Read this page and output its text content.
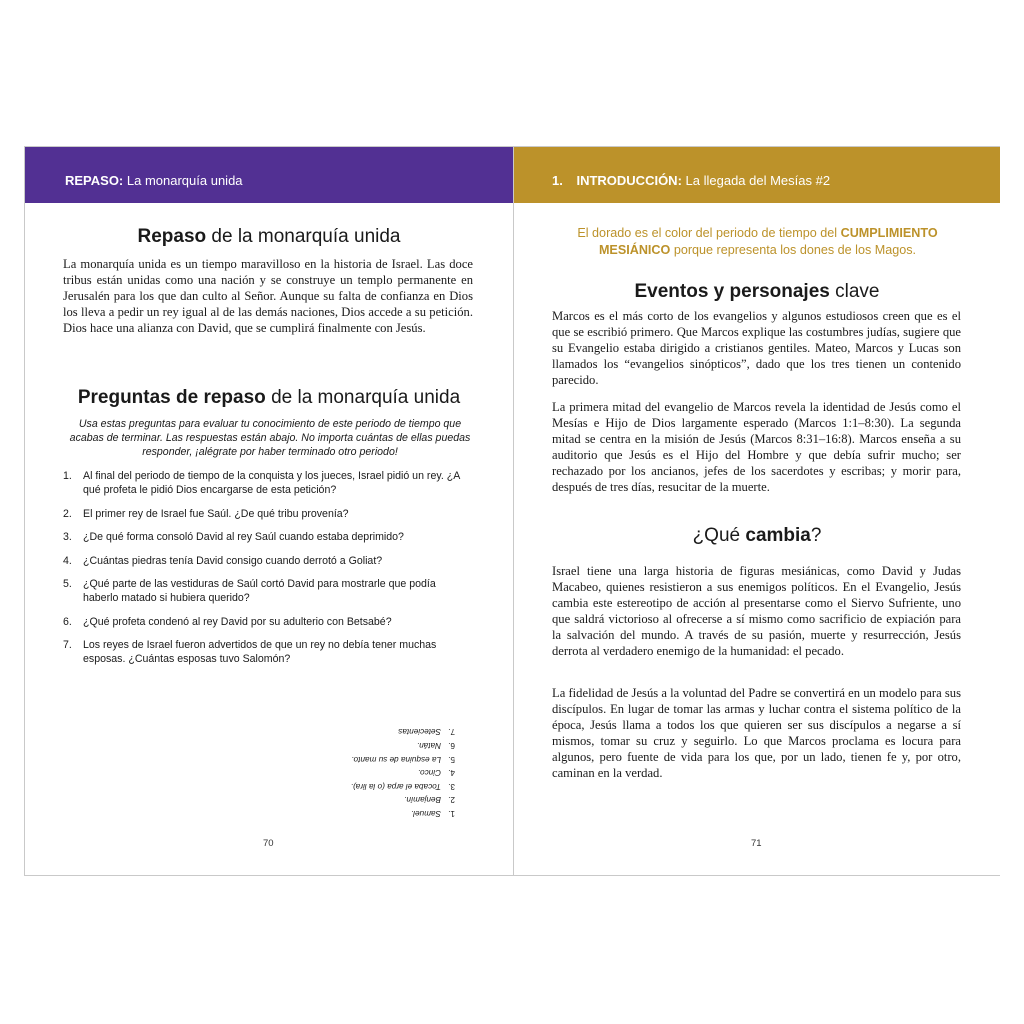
REPASO: La monarquía unida
Repaso de la monarquía unida
La monarquía unida es un tiempo maravilloso en la historia de Israel. Las doce tribus están unidas como una nación y se construye un templo permanente en Jerusalén para los que dan culto al Señor. Aunque su falta de confianza en Dios los lleva a pedir un rey igual al de las demás naciones, Dios accede a su petición. Dios hace una alianza con David, que se cumplirá finalmente con Jesús.
Preguntas de repaso de la monarquía unida
Usa estas preguntas para evaluar tu conocimiento de este periodo de tiempo que acabas de terminar. Las respuestas están abajo. No importa cuántas de ellas puedas responder, ¡alégrate por haber terminado otro periodo!
1.	Al final del periodo de tiempo de la conquista y los jueces, Israel pidió un rey. ¿A qué profeta le pidió Dios encargarse de esta petición?
2.	El primer rey de Israel fue Saúl. ¿De qué tribu provenía?
3.	¿De qué forma consoló David al rey Saúl cuando estaba deprimido?
4.	¿Cuántas piedras tenía David consigo cuando derrotó a Goliat?
5.	¿Qué parte de las vestiduras de Saúl cortó David para mostrarle que podía haberlo matado si hubiera querido?
6.	¿Qué profeta condenó al rey David por su adulterio con Betsabé?
7.	Los reyes de Israel fueron advertidos de que un rey no debía tener muchas esposas. ¿Cuántas esposas tuvo Salomón?
1.
Samuel.
2.
Benjamín.
3.
Tocaba el arpa (o la lira).
4.
Cinco.
5.
La esquina de su manto.
6.
Natán.
7.
Setecientas
70
1. INTRODUCCIÓN: La llegada del Mesías #2
El dorado es el color del periodo de tiempo del CUMPLIMIENTO MESIÁNICO porque representa los dones de los Magos.
Eventos y personajes clave
Marcos es el más corto de los evangelios y algunos estudiosos creen que es el que se escribió primero. Que Marcos explique las costumbres judías, sugiere que su Evangelio estaba dirigido a cristianos gentiles. Mateo, Marcos y Lucas son llamados los “evangelios sinópticos”, dado que los tres tienen un contenido parecido.
La primera mitad del evangelio de Marcos revela la identidad de Jesús como el Mesías e Hijo de Dios largamente esperado (Marcos 1:1–8:30). La segunda mitad se centra en la misión de Jesús (Marcos 8:31–16:8). Marcos enseña a su auditorio que Jesús es el Hijo del Hombre y que debía sufrir mucho; ser rechazado por los ancianos, jefes de los sacerdotes y escribas; y morir para, después de tres días, resucitar de la muerte.
¿Qué cambia?
Israel tiene una larga historia de figuras mesiánicas, como David y Judas Macabeo, quienes resistieron a sus enemigos políticos. En el Evangelio, Jesús cambia este estereotipo de acción al presentarse como el Siervo Sufriente, uno que saldrá victorioso al ofrecerse a sí mismo como sacrificio de expiación para la salvación del mundo. A través de su pasión, muerte y resurrección, Jesús derrota al verdadero enemigo de la humanidad: el pecado.
La fidelidad de Jesús a la voluntad del Padre se convertirá en un modelo para sus discípulos. En lugar de tomar las armas y luchar contra el sistema político de la época, Jesús llama a todos los que quieren ser sus discípulos a negarse a sí mismos, tomar su cruz y seguirlo. Lo que Marcos proclama es locura para algunos, pero fuente de vida para los que, por un lado, tienen fe y, por otro, caminan en la verdad.
71
